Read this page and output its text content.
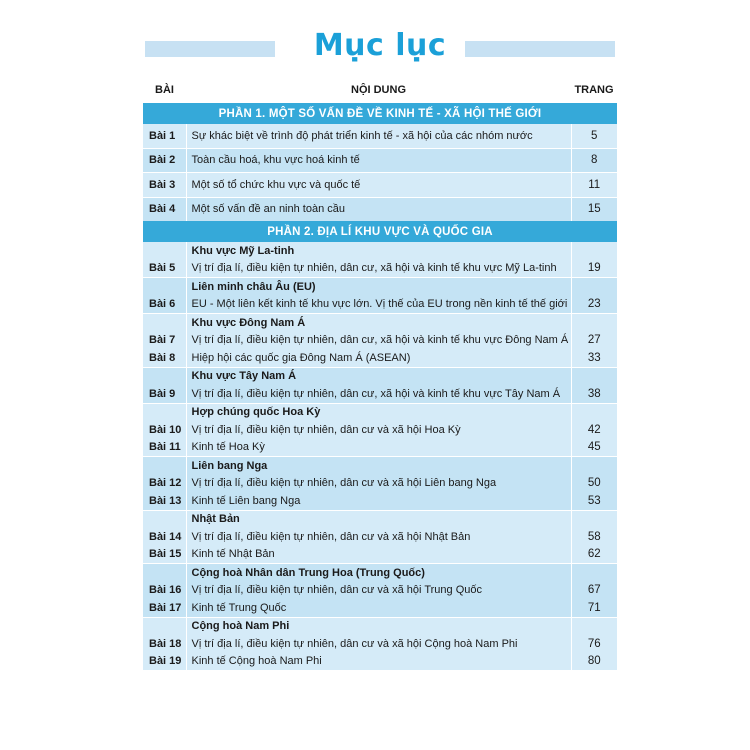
Mục lục
BÀI	NỘI DUNG	TRANG
PHẦN 1. MỘT SỐ VẤN ĐỀ VỀ KINH TẾ - XÃ HỘI THẾ GIỚI		
Bài 1	Sự khác biệt về trình độ phát triển kinh tế - xã hội của các nhóm nước	5
Bài 2	Toàn cầu hoá, khu vực hoá kinh tế	8
Bài 3	Một số tổ chức khu vực và quốc tế	11
Bài 4	Một số vấn đề an ninh toàn cầu	15
PHẦN 2. ĐỊA LÍ KHU VỰC VÀ QUỐC GIA		
	Khu vực Mỹ La-tinh	
Bài 5	Vị trí địa lí, điều kiện tự nhiên, dân cư, xã hội và kinh tế khu vực Mỹ La-tinh	19
	Liên minh châu Âu (EU)	
Bài 6	EU - Một liên kết kinh tế khu vực lớn. Vị thế của EU trong nền kinh tế thế giới	23
	Khu vực Đông Nam Á	
Bài 7	Vị trí địa lí, điều kiện tự nhiên, dân cư, xã hội và kinh tế khu vực Đông Nam Á	27
Bài 8	Hiệp hội các quốc gia Đông Nam Á (ASEAN)	33
	Khu vực Tây Nam Á	
Bài 9	Vị trí địa lí, điều kiện tự nhiên, dân cư, xã hội và kinh tế khu vực Tây Nam Á	38
	Hợp chúng quốc Hoa Kỳ	
Bài 10	Vị trí địa lí, điều kiện tự nhiên, dân cư và xã hội Hoa Kỳ	42
Bài 11	Kinh tế Hoa Kỳ	45
	Liên bang Nga	
Bài 12	Vị trí địa lí, điều kiện tự nhiên, dân cư và xã hội Liên bang Nga	50
Bài 13	Kinh tế Liên bang Nga	53
	Nhật Bản	
Bài 14	Vị trí địa lí, điều kiện tự nhiên, dân cư và xã hội Nhật Bản	58
Bài 15	Kinh tế Nhật Bản	62
	Cộng hoà Nhân dân Trung Hoa (Trung Quốc)	
Bài 16	Vị trí địa lí, điều kiện tự nhiên, dân cư và xã hội Trung Quốc	67
Bài 17	Kinh tế Trung Quốc	71
	Cộng hoà Nam Phi	
Bài 18	Vị trí địa lí, điều kiện tự nhiên, dân cư và xã hội Cộng hoà Nam Phi	76
Bài 19	Kinh tế Cộng hoà Nam Phi	80
